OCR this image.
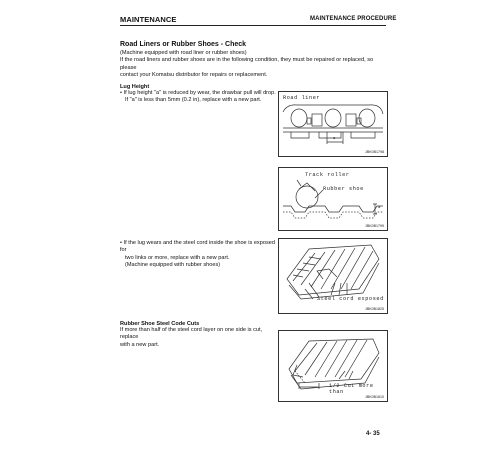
MAINTENANCE	MAINTENANCE PROCEDURE
Road Liners or Rubber Shoes - Check
(Machine equipped with road liner or rubber shoes)
If the road liners and rubber shoes are in the following condition, they must be repaired or replaced, so please
contact your Komatsu distributor for repairs or replacement.
Lug Height
• If lug height "a" is reduced by wear, the drawbar pull will drop.
If "a" is less than 5mm (0.2 in), replace with a new part.	Road liner
a
JBK0B1798
Track roller
Rubber shoe
a
JBK0B1799
• If the lug wears and the steel cord inside the shoe is exposed for
two links or more, replace with a new part.
(Machine equipped with rubber shoes)
Steel cord exposed
JBK0B1825
Rubber Shoe Steel Code Cuts
If more than half of the steel cord layer on one side is cut, replace
with a new part.
1/2 Cut more than
JBK0B1810
4- 35
